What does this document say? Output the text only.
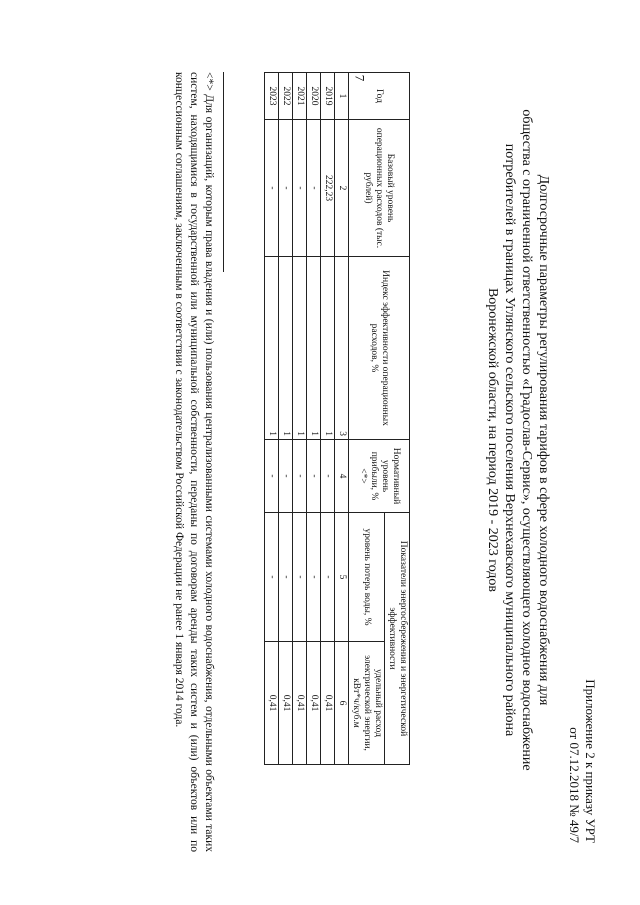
7
Приложение 2 к приказу УРТ
от 07.12.2018 № 49/7
Долгосрочные параметры регулирования тарифов в сфере холодного водоснабжения для
общества с ограниченной ответственностью «Градослав-Сервис», осуществляющего холодное водоснабжение
потребителей в границах Углянского сельского поселения Верхнехавского муниципального района
Воронежской области, на период 2019 - 2023 годов
Год	Базовый уровень операционных расходов (тыс. рублей)	Индекс эффективности операционных расходов, %	Нормативный уровень прибыли, % <*>	Показатели энергосбережения и энергетической эффективности	
				уровень потерь воды, %	удельный расход электрической энергии, кВт*ч/куб.м
1	2	3	4	5	6
2019	222,23	1	-	-	0,41
2020	-	1	-	-	0,41
2021	-	1	-	-	0,41
2022	-	1	-	-	0,41
2023	-	1	-	-	0,41
<*> Для организаций, которым права владения и (или) пользования централизованными системами холодного водоснабжения, отдельными объектами таких систем, находящимися в государственной или муниципальной собственности, переданы по договорам аренды таких систем и (или) объектов или по концессионным соглашениям, заключенным в соответствии с законодательством Российской Федерации не ранее 1 января 2014 года.
